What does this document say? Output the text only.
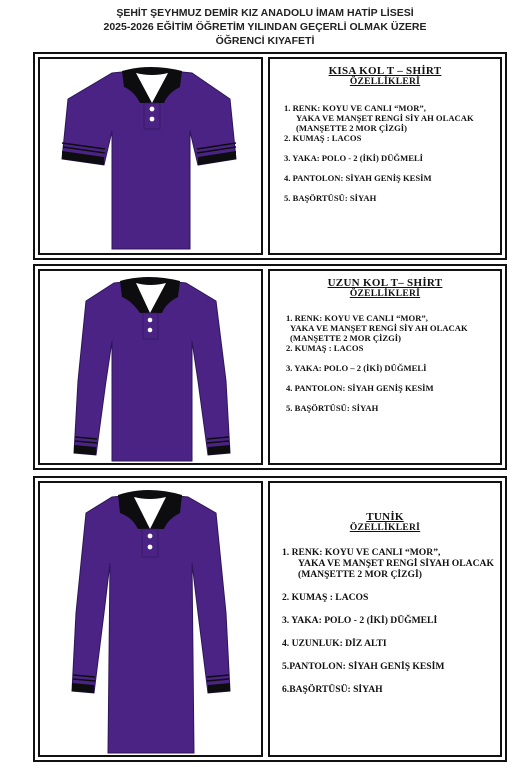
ŞEHİT ŞEYHMUZ DEMİR KIZ ANADOLU İMAM HATİP LİSESİ
2025-2026 EĞİTİM ÖĞRETİM YILINDAN GEÇERLİ OLMAK ÜZERE
ÖĞRENCİ KIYAFETİ
KISA KOL T – SHİRT
ÖZELLİKLERİ
1. RENK: KOYU VE CANLI “MOR”,
YAKA VE MANŞET RENGİ SİY AH OLACAK
(MANŞETTE 2 MOR ÇİZGİ)
2. KUMAŞ : LACOS
3. YAKA: POLO - 2 (İKİ) DÜĞMELİ
4. PANTOLON: SİYAH GENİŞ KESİM
5. BAŞÖRTÜSÜ: SİYAH
UZUN KOL T– SHİRT
ÖZELLİKLERİ
1. RENK: KOYU VE CANLI “MOR”,
YAKA VE MANŞET RENGİ SİY AH OLACAK
(MANŞETTE 2 MOR ÇİZGİ)
2. KUMAŞ : LACOS
3. YAKA: POLO – 2 (İKİ) DÜĞMELİ
4. PANTOLON: SİYAH GENİŞ KESİM
5. BAŞÖRTÜSÜ: SİYAH
TUNİK
ÖZELLİKLERİ
1. RENK: KOYU VE CANLI “MOR”,
YAKA VE MANŞET RENGİ SİYAH OLACAK
(MANŞETTE 2 MOR ÇİZGİ)
2. KUMAŞ : LACOS
3. YAKA: POLO - 2 (İKİ) DÜĞMELİ
4. UZUNLUK: DİZ ALTI
5.PANTOLON: SİYAH GENİŞ KESİM
6.BAŞÖRTÜSÜ: SİYAH
